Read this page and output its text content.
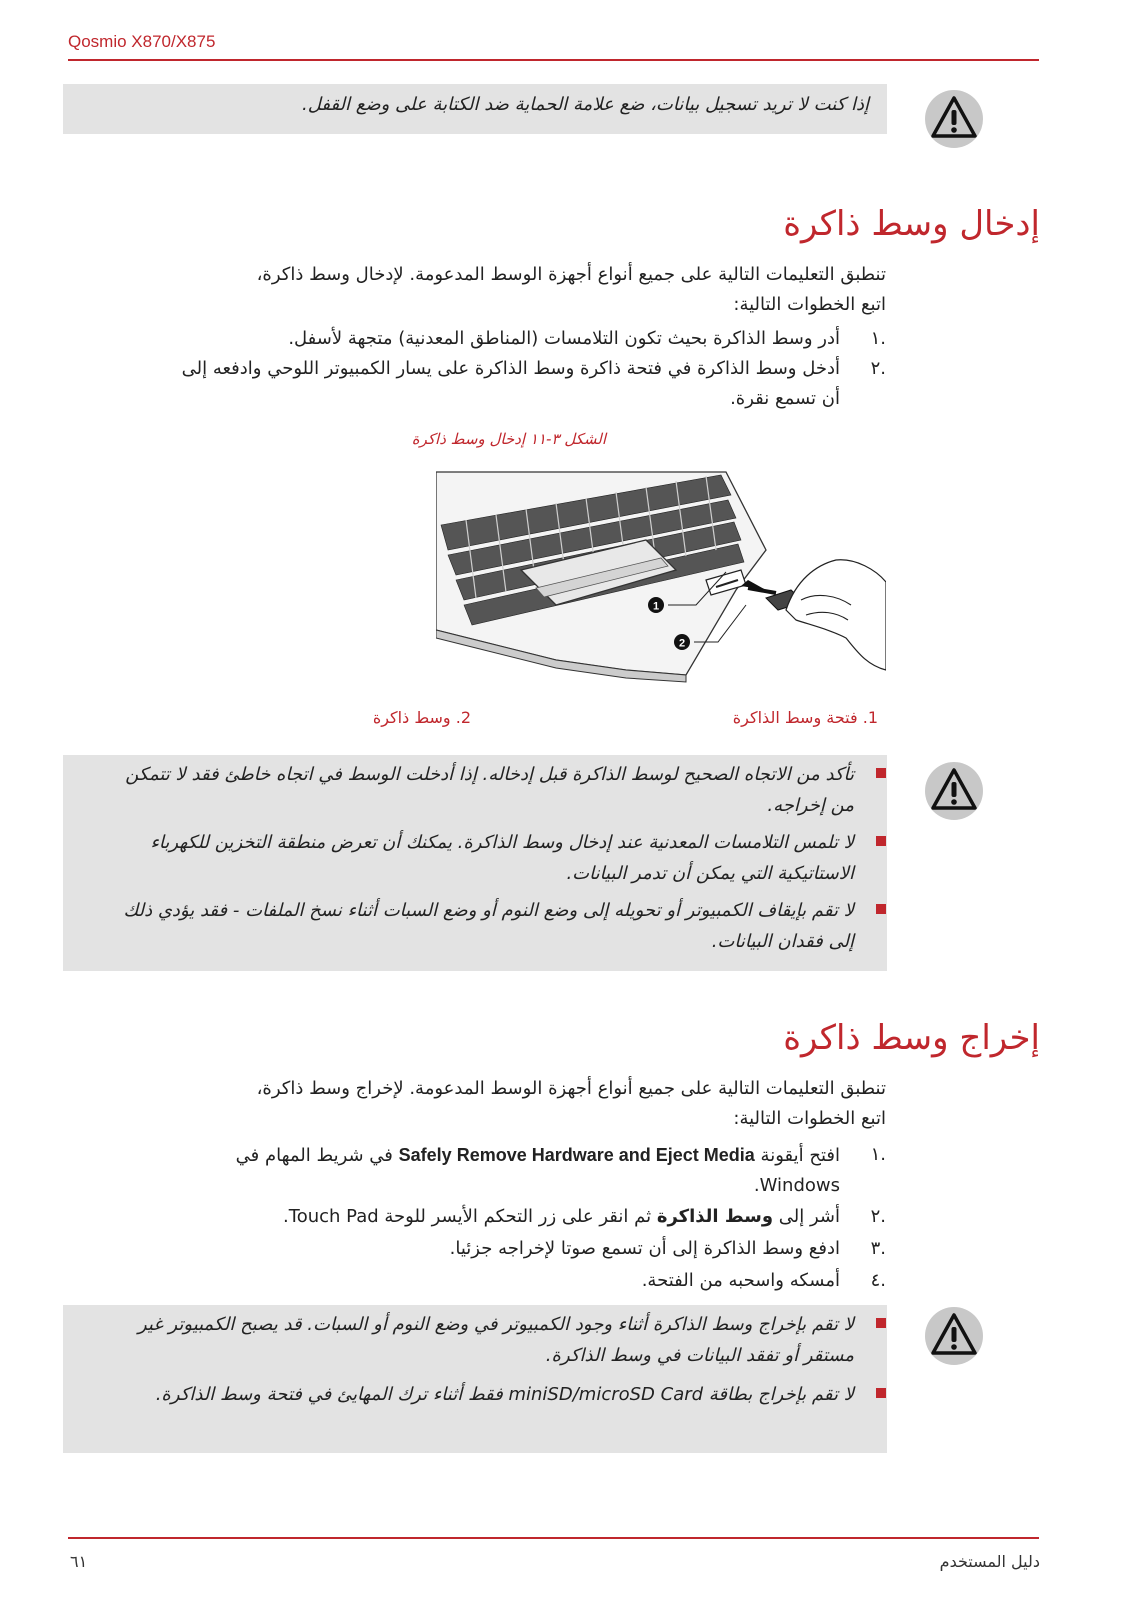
Qosmio X870/X875
إذا كنت لا تريد تسجيل بيانات، ضع علامة الحماية ضد الكتابة على وضع القفل.
إدخال وسط ذاكرة
تنطبق التعليمات التالية على جميع أنواع أجهزة الوسط المدعومة. لإدخال وسط ذاكرة، اتبع الخطوات التالية:
.١
أدر وسط الذاكرة بحيث تكون التلامسات (المناطق المعدنية) متجهة لأسفل.
.٢
أدخل وسط الذاكرة في فتحة ذاكرة وسط الذاكرة على يسار الكمبيوتر اللوحي وادفعه إلى أن تسمع نقرة.
الشكل ٣-١١ إدخال وسط ذاكرة
1
2
1. فتحة وسط الذاكرة
2. وسط ذاكرة
تأكد من الاتجاه الصحيح لوسط الذاكرة قبل إدخاله. إذا أدخلت الوسط في اتجاه خاطئ فقد لا تتمكن من إخراجه.
لا تلمس التلامسات المعدنية عند إدخال وسط الذاكرة. يمكنك أن تعرض منطقة التخزين للكهرباء الاستاتيكية التي يمكن أن تدمر البيانات.
لا تقم بإيقاف الكمبيوتر أو تحويله إلى وضع النوم أو وضع السبات أثناء نسخ الملفات - فقد يؤدي ذلك إلى فقدان البيانات.
إخراج وسط ذاكرة
تنطبق التعليمات التالية على جميع أنواع أجهزة الوسط المدعومة. لإخراج وسط ذاكرة، اتبع الخطوات التالية:
.١
افتح أيقونة Safely Remove Hardware and Eject Media في شريط المهام في Windows.
.٢
أشر إلى وسط الذاكرة ثم انقر على زر التحكم الأيسر للوحة Touch Pad.
.٣
ادفع وسط الذاكرة إلى أن تسمع صوتا لإخراجه جزئيا.
.٤
أمسكه واسحبه من الفتحة.
لا تقم بإخراج وسط الذاكرة أثناء وجود الكمبيوتر في وضع النوم أو السبات. قد يصبح الكمبيوتر غير مستقر أو تفقد البيانات في وسط الذاكرة.
لا تقم بإخراج بطاقة miniSD/microSD Card فقط أثناء ترك المهايئ في فتحة وسط الذاكرة.
٦١	دليل المستخدم
